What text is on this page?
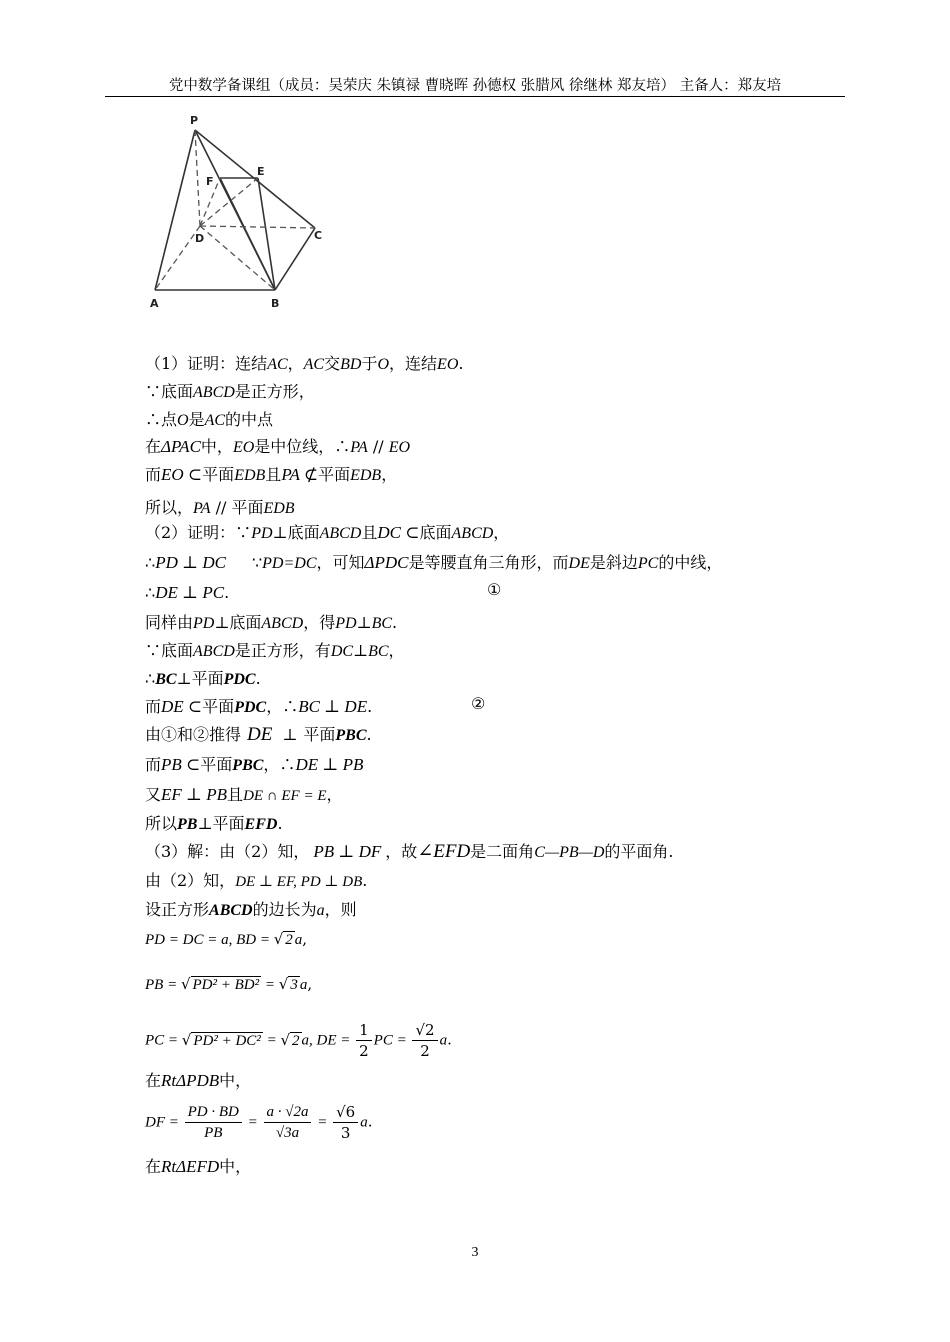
党中数学备课组（成员：吴荣庆 朱镇禄 曹晓晖 孙德权 张腊风 徐继林 郑友培） 主备人：郑友培
P
E
F
D	C
A	B
（1）证明：连结AC，AC交BD于O，连结EO.
∵底面ABCD是正方形，
∴点O是AC的中点
在ΔPAC中，EO是中位线，∴PA // EO
而EO ⊂平面EDB且PA ⊄平面EDB，
所以，PA // 平面EDB
（2）证明：∵PD⊥底面ABCD且DC ⊂底面ABCD，
∴PD ⊥ DC ∵PD=DC，可知ΔPDC是等腰直角三角形，而DE是斜边PC的中线，
∴DE ⊥ PC.	①
同样由PD⊥底面ABCD，得PD⊥BC.
∵底面ABCD是正方形，有DC⊥BC，
∴BC⊥平面PDC.
而DE ⊂平面PDC，∴BC ⊥ DE.	②
由①和②推得 DE ⊥ 平面PBC.
而PB ⊂平面PBC，∴DE ⊥ PB
又EF ⊥ PB且DE ∩ EF = E，
所以PB⊥平面EFD.
（3）解：由（2）知， PB ⊥ DF ，故∠EFD是二面角C—PB—D的平面角.
由（2）知，DE ⊥ EF, PD ⊥ DB.
设正方形ABCD的边长为a，则
PD = DC = a, BD = √ 2 a,
PB = √ PD² + BD² = √ 3 a,
PC = √ PD² + DC² = √ 2 a, DE = $\frac{1}{2}$ PC = $\frac{√2}{2} a$.
在RtΔPDB中，
DF = $\frac{PD \cdot BD}{PB} = \frac{a \cdot √2a}{√3a} = \frac{√6}{3} a$.
在RtΔEFD中，
3
